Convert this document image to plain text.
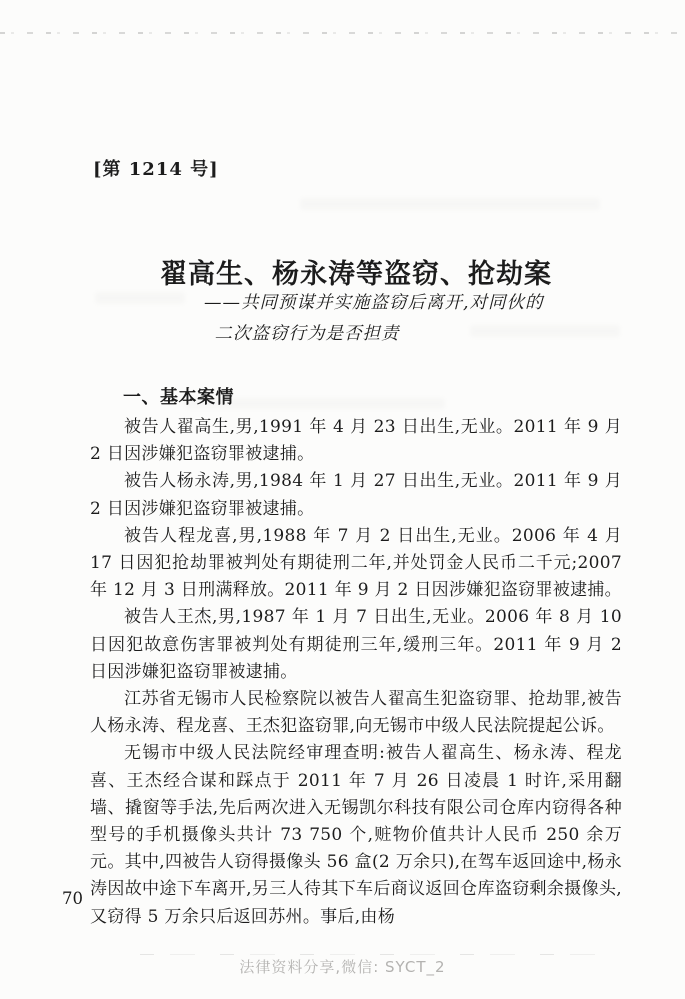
[第 1214 号]
翟高生、杨永涛等盗窃、抢劫案
——共同预谋并实施盗窃后离开,对同伙的
二次盗窃行为是否担责
一、基本案情

被告人翟高生,男,1991 年 4 月 23 日出生,无业。2011 年 9 月 2 日因涉嫌犯盗窃罪被逮捕。

被告人杨永涛,男,1984 年 1 月 27 日出生,无业。2011 年 9 月 2 日因涉嫌犯盗窃罪被逮捕。

被告人程龙喜,男,1988 年 7 月 2 日出生,无业。2006 年 4 月 17 日因犯抢劫罪被判处有期徒刑二年,并处罚金人民币二千元;2007 年 12 月 3 日刑满释放。2011 年 9 月 2 日因涉嫌犯盗窃罪被逮捕。

被告人王杰,男,1987 年 1 月 7 日出生,无业。2006 年 8 月 10 日因犯故意伤害罪被判处有期徒刑三年,缓刑三年。2011 年 9 月 2 日因涉嫌犯盗窃罪被逮捕。

江苏省无锡市人民检察院以被告人翟高生犯盗窃罪、抢劫罪,被告人杨永涛、程龙喜、王杰犯盗窃罪,向无锡市中级人民法院提起公诉。

无锡市中级人民法院经审理查明:被告人翟高生、杨永涛、程龙喜、王杰经合谋和踩点于 2011 年 7 月 26 日凌晨 1 时许,采用翻墙、撬窗等手法,先后两次进入无锡凯尔科技有限公司仓库内窃得各种型号的手机摄像头共计 73 750 个,赃物价值共计人民币 250 余万元。其中,四被告人窃得摄像头 56 盒(2 万余只),在驾车返回途中,杨永涛因故中途下车离开,另三人待其下车后商议返回仓库盗窃剩余摄像头,又窃得 5 万余只后返回苏州。事后,由杨

70
法律资料分享,微信: SYCT_2
